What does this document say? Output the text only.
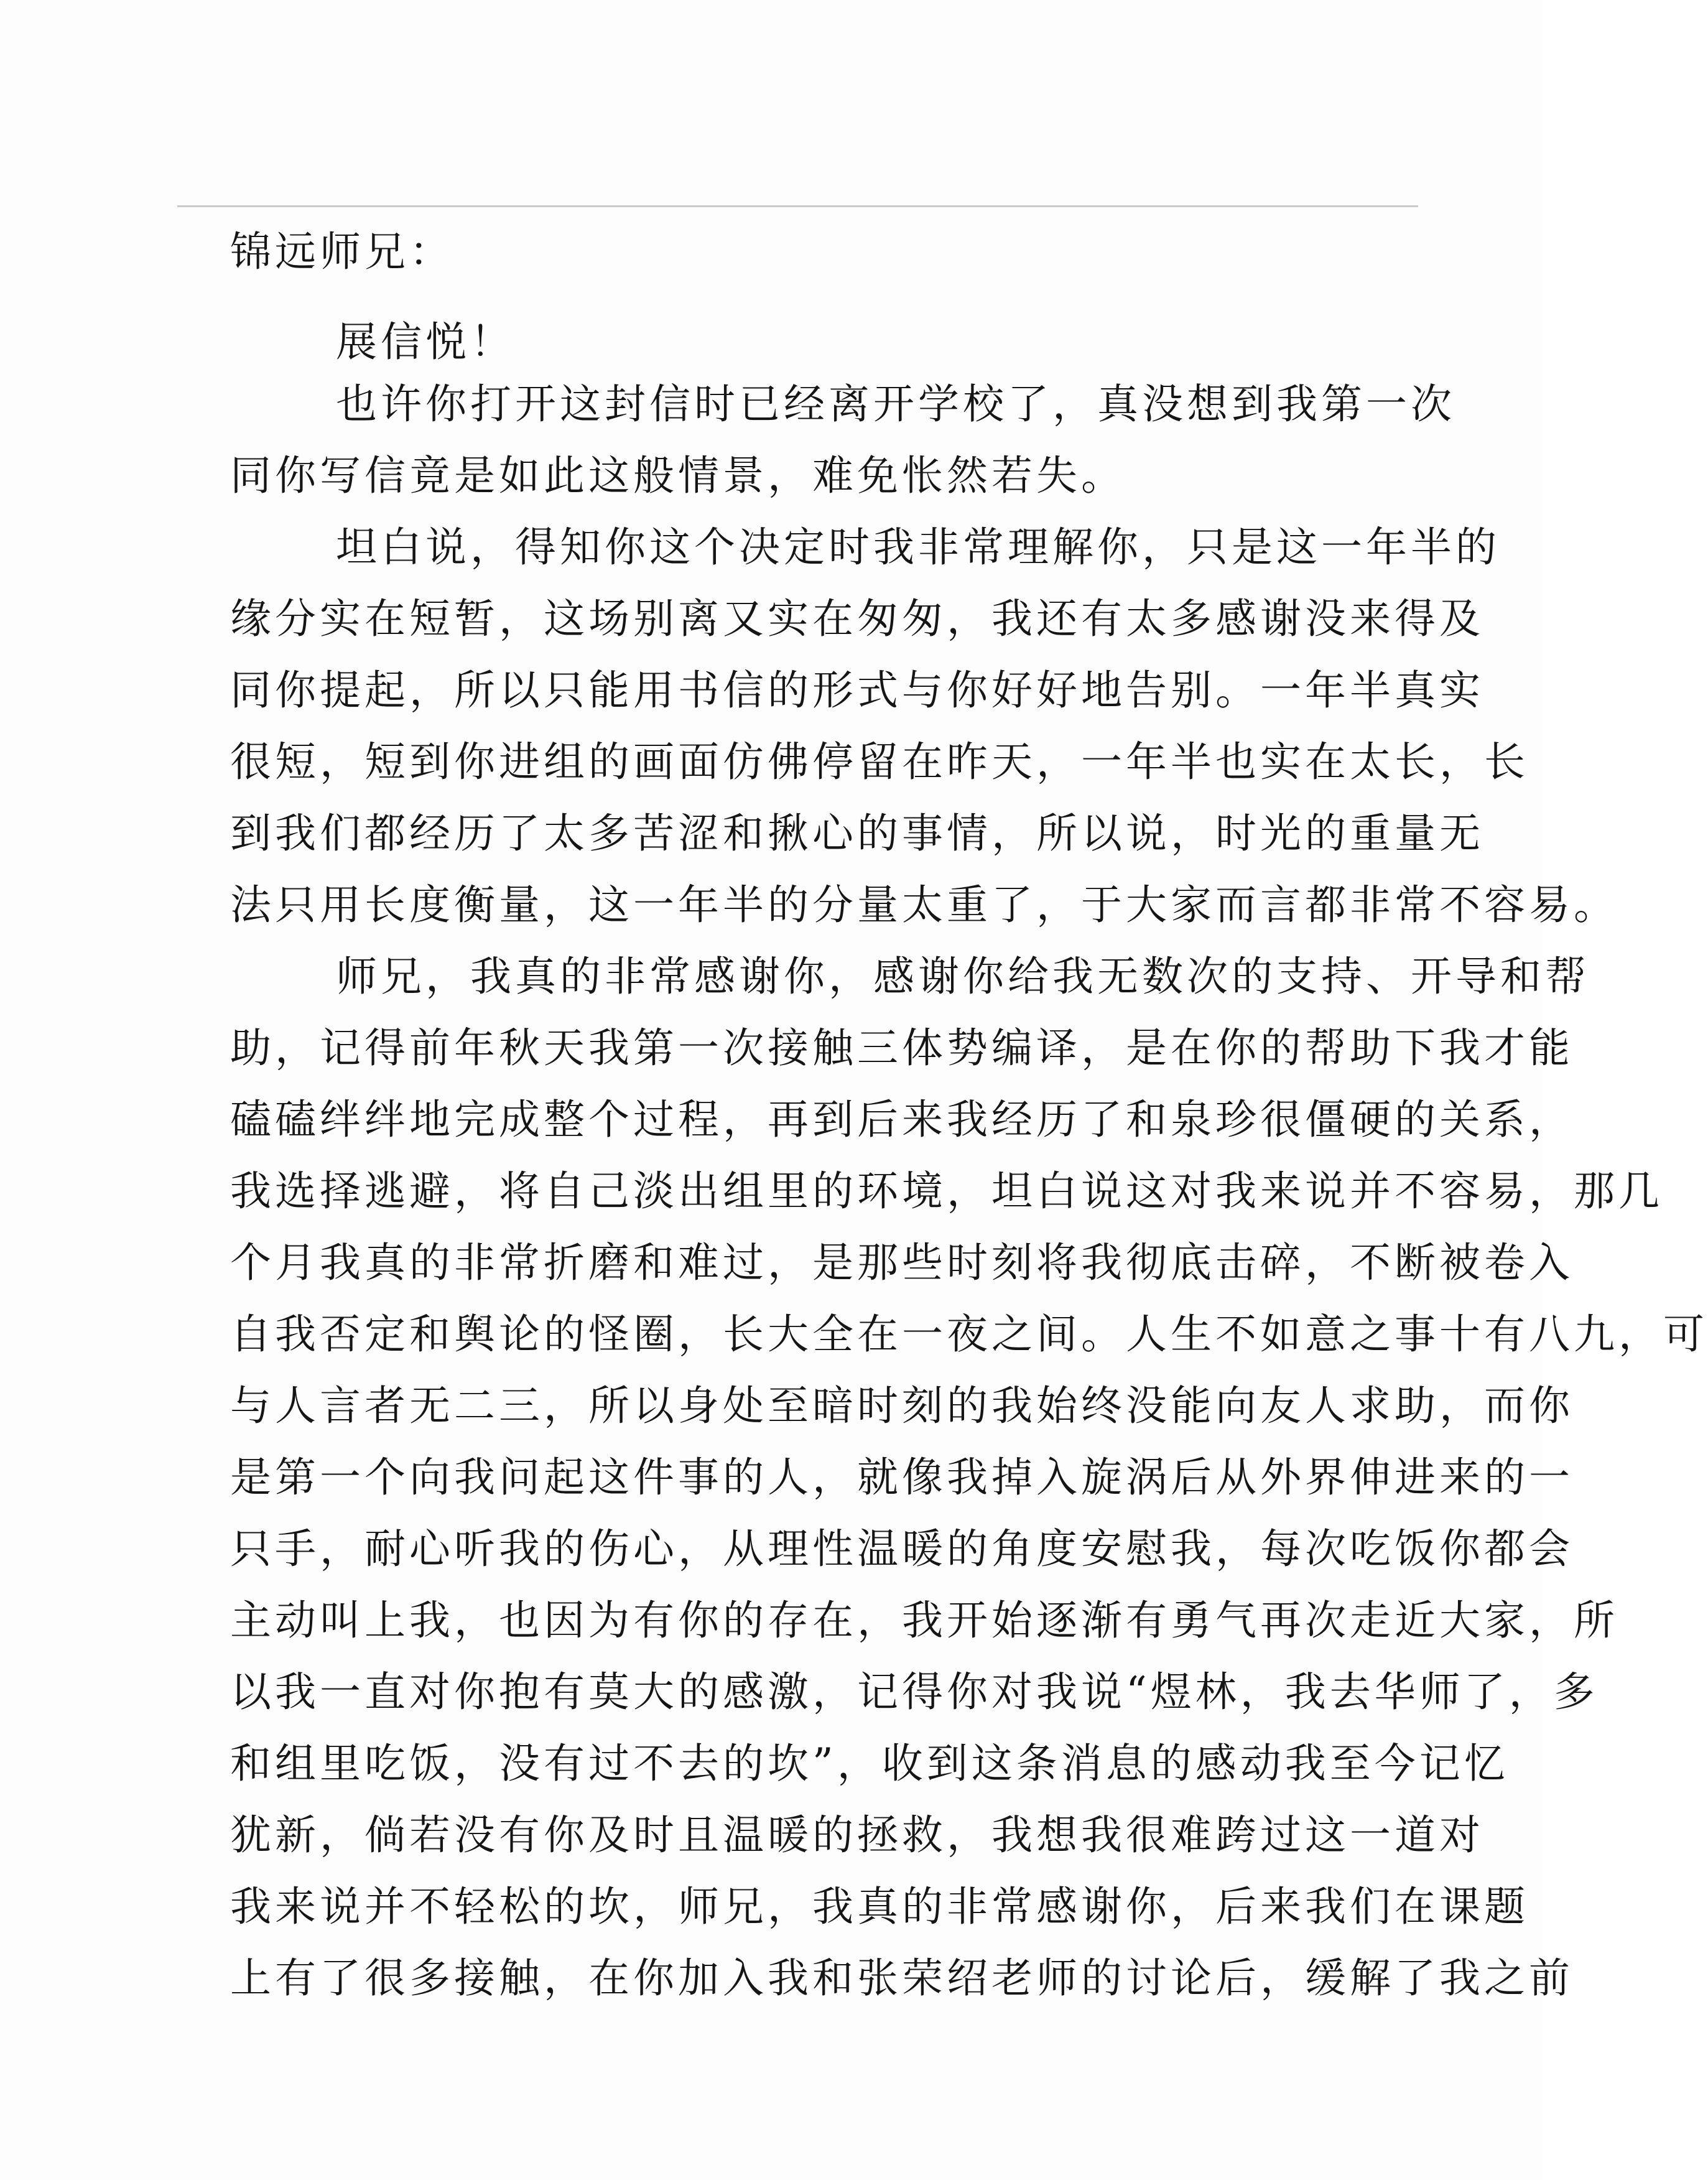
锦远师兄：
展信悦！
也许你打开这封信时已经离开学校了，真没想到我第一次
同你写信竟是如此这般情景，难免怅然若失。
坦白说，得知你这个决定时我非常理解你，只是这一年半的
缘分实在短暂，这场别离又实在匆匆，我还有太多感谢没来得及
同你提起，所以只能用书信的形式与你好好地告别。一年半真实
很短，短到你进组的画面仿佛停留在昨天，一年半也实在太长，长
到我们都经历了太多苦涩和揪心的事情，所以说，时光的重量无
法只用长度衡量，这一年半的分量太重了，于大家而言都非常不容易。
师兄，我真的非常感谢你，感谢你给我无数次的支持、开导和帮
助，记得前年秋天我第一次接触三体势编译，是在你的帮助下我才能
磕磕绊绊地完成整个过程，再到后来我经历了和泉珍很僵硬的关系，
我选择逃避，将自己淡出组里的环境，坦白说这对我来说并不容易，那几
个月我真的非常折磨和难过，是那些时刻将我彻底击碎，不断被卷入
自我否定和舆论的怪圈，长大全在一夜之间。人生不如意之事十有八九，可
与人言者无二三，所以身处至暗时刻的我始终没能向友人求助，而你
是第一个向我问起这件事的人，就像我掉入旋涡后从外界伸进来的一
只手，耐心听我的伤心，从理性温暖的角度安慰我，每次吃饭你都会
主动叫上我，也因为有你的存在，我开始逐渐有勇气再次走近大家，所
以我一直对你抱有莫大的感激，记得你对我说“煜林，我去华师了，多
和组里吃饭，没有过不去的坎”，收到这条消息的感动我至今记忆
犹新，倘若没有你及时且温暖的拯救，我想我很难跨过这一道对
我来说并不轻松的坎，师兄，我真的非常感谢你，后来我们在课题
上有了很多接触，在你加入我和张荣绍老师的讨论后，缓解了我之前
